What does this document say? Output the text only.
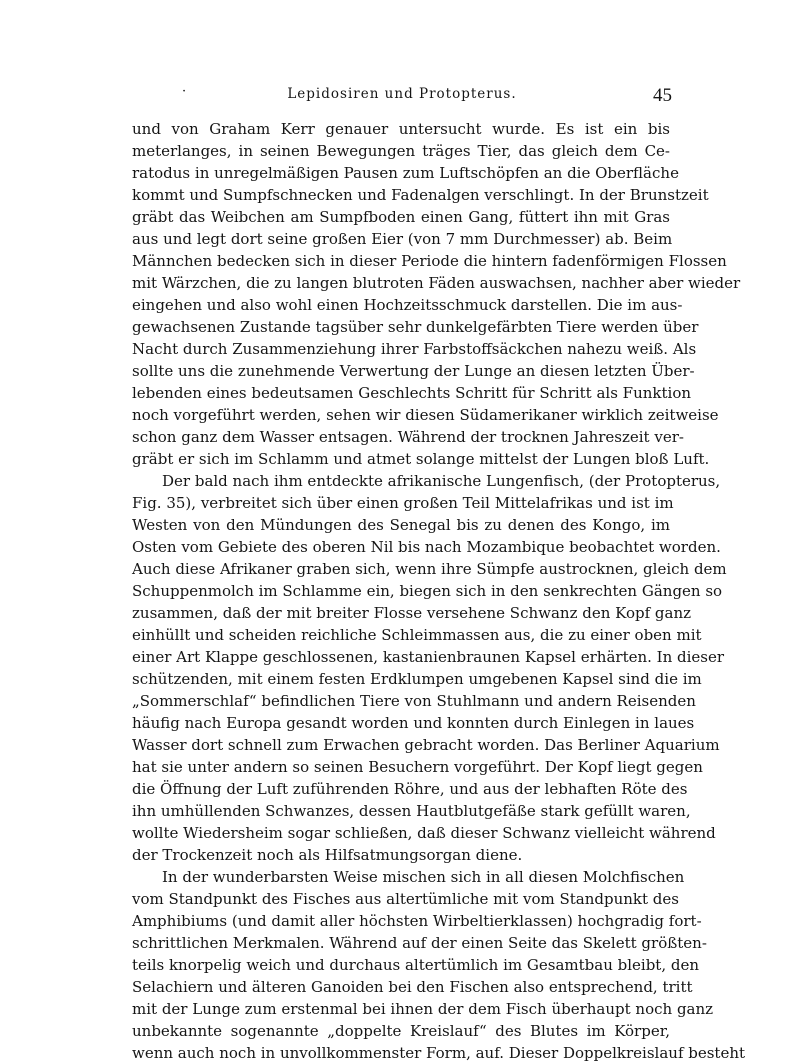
·	Lepidosiren und Protopterus.	45
und von Graham Kerr genauer untersucht wurde. Es ist ein bis
meterlanges, in seinen Bewegungen träges Tier, das gleich dem Ce-
ratodus in unregelmäßigen Pausen zum Luftschöpfen an die Oberfläche
kommt und Sumpfschnecken und Fadenalgen verschlingt. In der Brunstzeit
gräbt das Weibchen am Sumpfboden einen Gang, füttert ihn mit Gras
aus und legt dort seine großen Eier (von 7 mm Durchmesser) ab. Beim
Männchen bedecken sich in dieser Periode die hintern fadenförmigen Flossen
mit Wärzchen, die zu langen blutroten Fäden auswachsen, nachher aber wieder
eingehen und also wohl einen Hochzeitsschmuck darstellen. Die im aus-
gewachsenen Zustande tagsüber sehr dunkelgefärbten Tiere werden über
Nacht durch Zusammenziehung ihrer Farbstoffsäckchen nahezu weiß. Als
sollte uns die zunehmende Verwertung der Lunge an diesen letzten Über-
lebenden eines bedeutsamen Geschlechts Schritt für Schritt als Funktion
noch vorgeführt werden, sehen wir diesen Südamerikaner wirklich zeitweise
schon ganz dem Wasser entsagen. Während der trocknen Jahreszeit ver-
gräbt er sich im Schlamm und atmet solange mittelst der Lungen bloß Luft.
Der bald nach ihm entdeckte afrikanische Lungenfisch, (der Protopterus,
Fig. 35), verbreitet sich über einen großen Teil Mittelafrikas und ist im
Westen von den Mündungen des Senegal bis zu denen des Kongo, im
Osten vom Gebiete des oberen Nil bis nach Mozambique beobachtet worden.
Auch diese Afrikaner graben sich, wenn ihre Sümpfe austrocknen, gleich dem
Schuppenmolch im Schlamme ein, biegen sich in den senkrechten Gängen so
zusammen, daß der mit breiter Flosse versehene Schwanz den Kopf ganz
einhüllt und scheiden reichliche Schleimmassen aus, die zu einer oben mit
einer Art Klappe geschlossenen, kastanienbraunen Kapsel erhärten. In dieser
schützenden, mit einem festen Erdklumpen umgebenen Kapsel sind die im
„Sommerschlaf“ befindlichen Tiere von Stuhlmann und andern Reisenden
häufig nach Europa gesandt worden und konnten durch Einlegen in laues
Wasser dort schnell zum Erwachen gebracht worden. Das Berliner Aquarium
hat sie unter andern so seinen Besuchern vorgeführt. Der Kopf liegt gegen
die Öffnung der Luft zuführenden Röhre, und aus der lebhaften Röte des
ihn umhüllenden Schwanzes, dessen Hautblutgefäße stark gefüllt waren,
wollte Wiedersheim sogar schließen, daß dieser Schwanz vielleicht während
der Trockenzeit noch als Hilfsatmungsorgan diene.
In der wunderbarsten Weise mischen sich in all diesen Molchfischen
vom Standpunkt des Fisches aus altertümliche mit vom Standpunkt des
Amphibiums (und damit aller höchsten Wirbeltierklassen) hochgradig fort-
schrittlichen Merkmalen. Während auf der einen Seite das Skelett größten-
teils knorpelig weich und durchaus altertümlich im Gesamtbau bleibt, den
Selachiern und älteren Ganoiden bei den Fischen also entsprechend, tritt
mit der Lunge zum erstenmal bei ihnen der dem Fisch überhaupt noch ganz
unbekannte sogenannte „doppelte Kreislauf“ des Blutes im Körper,
wenn auch noch in unvollkommenster Form, auf. Dieser Doppelkreislauf besteht
